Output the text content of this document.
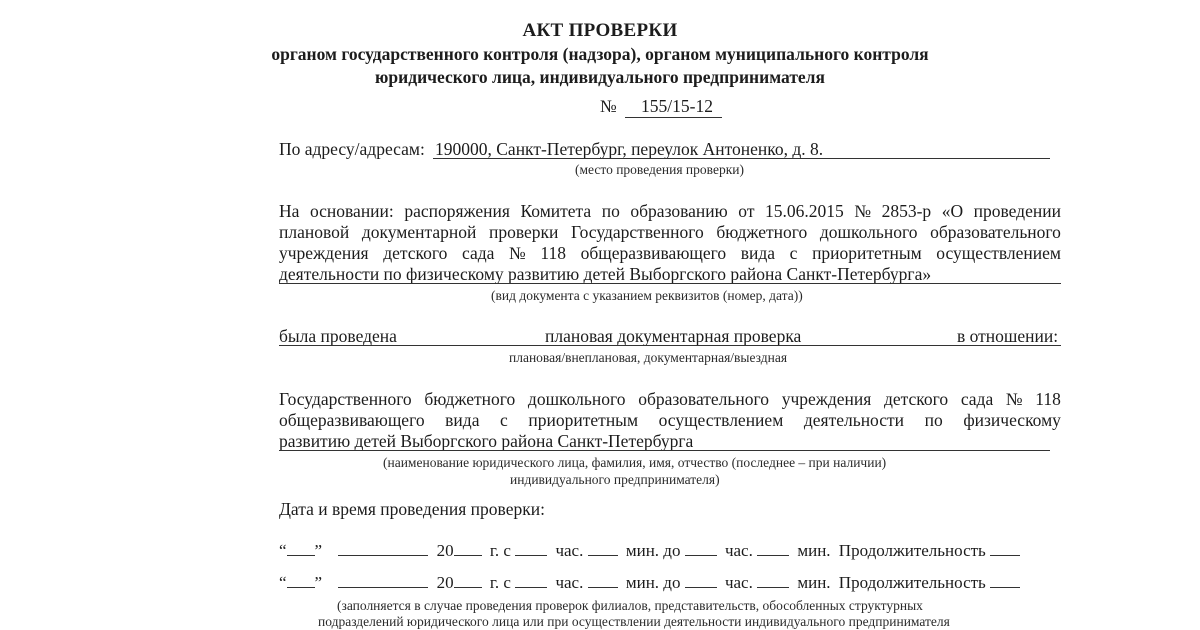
АКТ ПРОВЕРКИ
органом государственного контроля (надзора), органом муниципального контроля
юридического лица, индивидуального предпринимателя
№ 155/15-12
По адресу/адресам: 190000, Санкт-Петербург, переулок Антоненко, д. 8.
(место проведения проверки)
На основании: распоряжения Комитета по образованию от 15.06.2015 № 2853-р «О проведении
плановой документарной проверки Государственного бюджетного дошкольного образовательного
учреждения детского сада № 118 общеразвивающего вида с приоритетным осуществлением
деятельности по физическому развитию детей Выборгского района Санкт-Петербурга»
(вид документа с указанием реквизитов (номер, дата))
была проведена	плановая документарная проверка	в отношении:
плановая/внеплановая, документарная/выездная
Государственного бюджетного дошкольного образовательного учреждения детского сада № 118
общеразвивающего вида с приоритетным осуществлением деятельности по физическому
развитию детей Выборгского района Санкт-Петербурга
(наименование юридического лица, фамилия, имя, отчество (последнее – при наличии)
индивидуального предпринимателя)
Дата и время проведения проверки:
“ ”	20 г. с	час.	мин. до	час.	мин. Продолжительность
“ ”	20 г. с	час.	мин. до	час.	мин. Продолжительность
(заполняется в случае проведения проверок филиалов, представительств, обособленных структурных
подразделений юридического лица или при осуществлении деятельности индивидуального предпринимателя
